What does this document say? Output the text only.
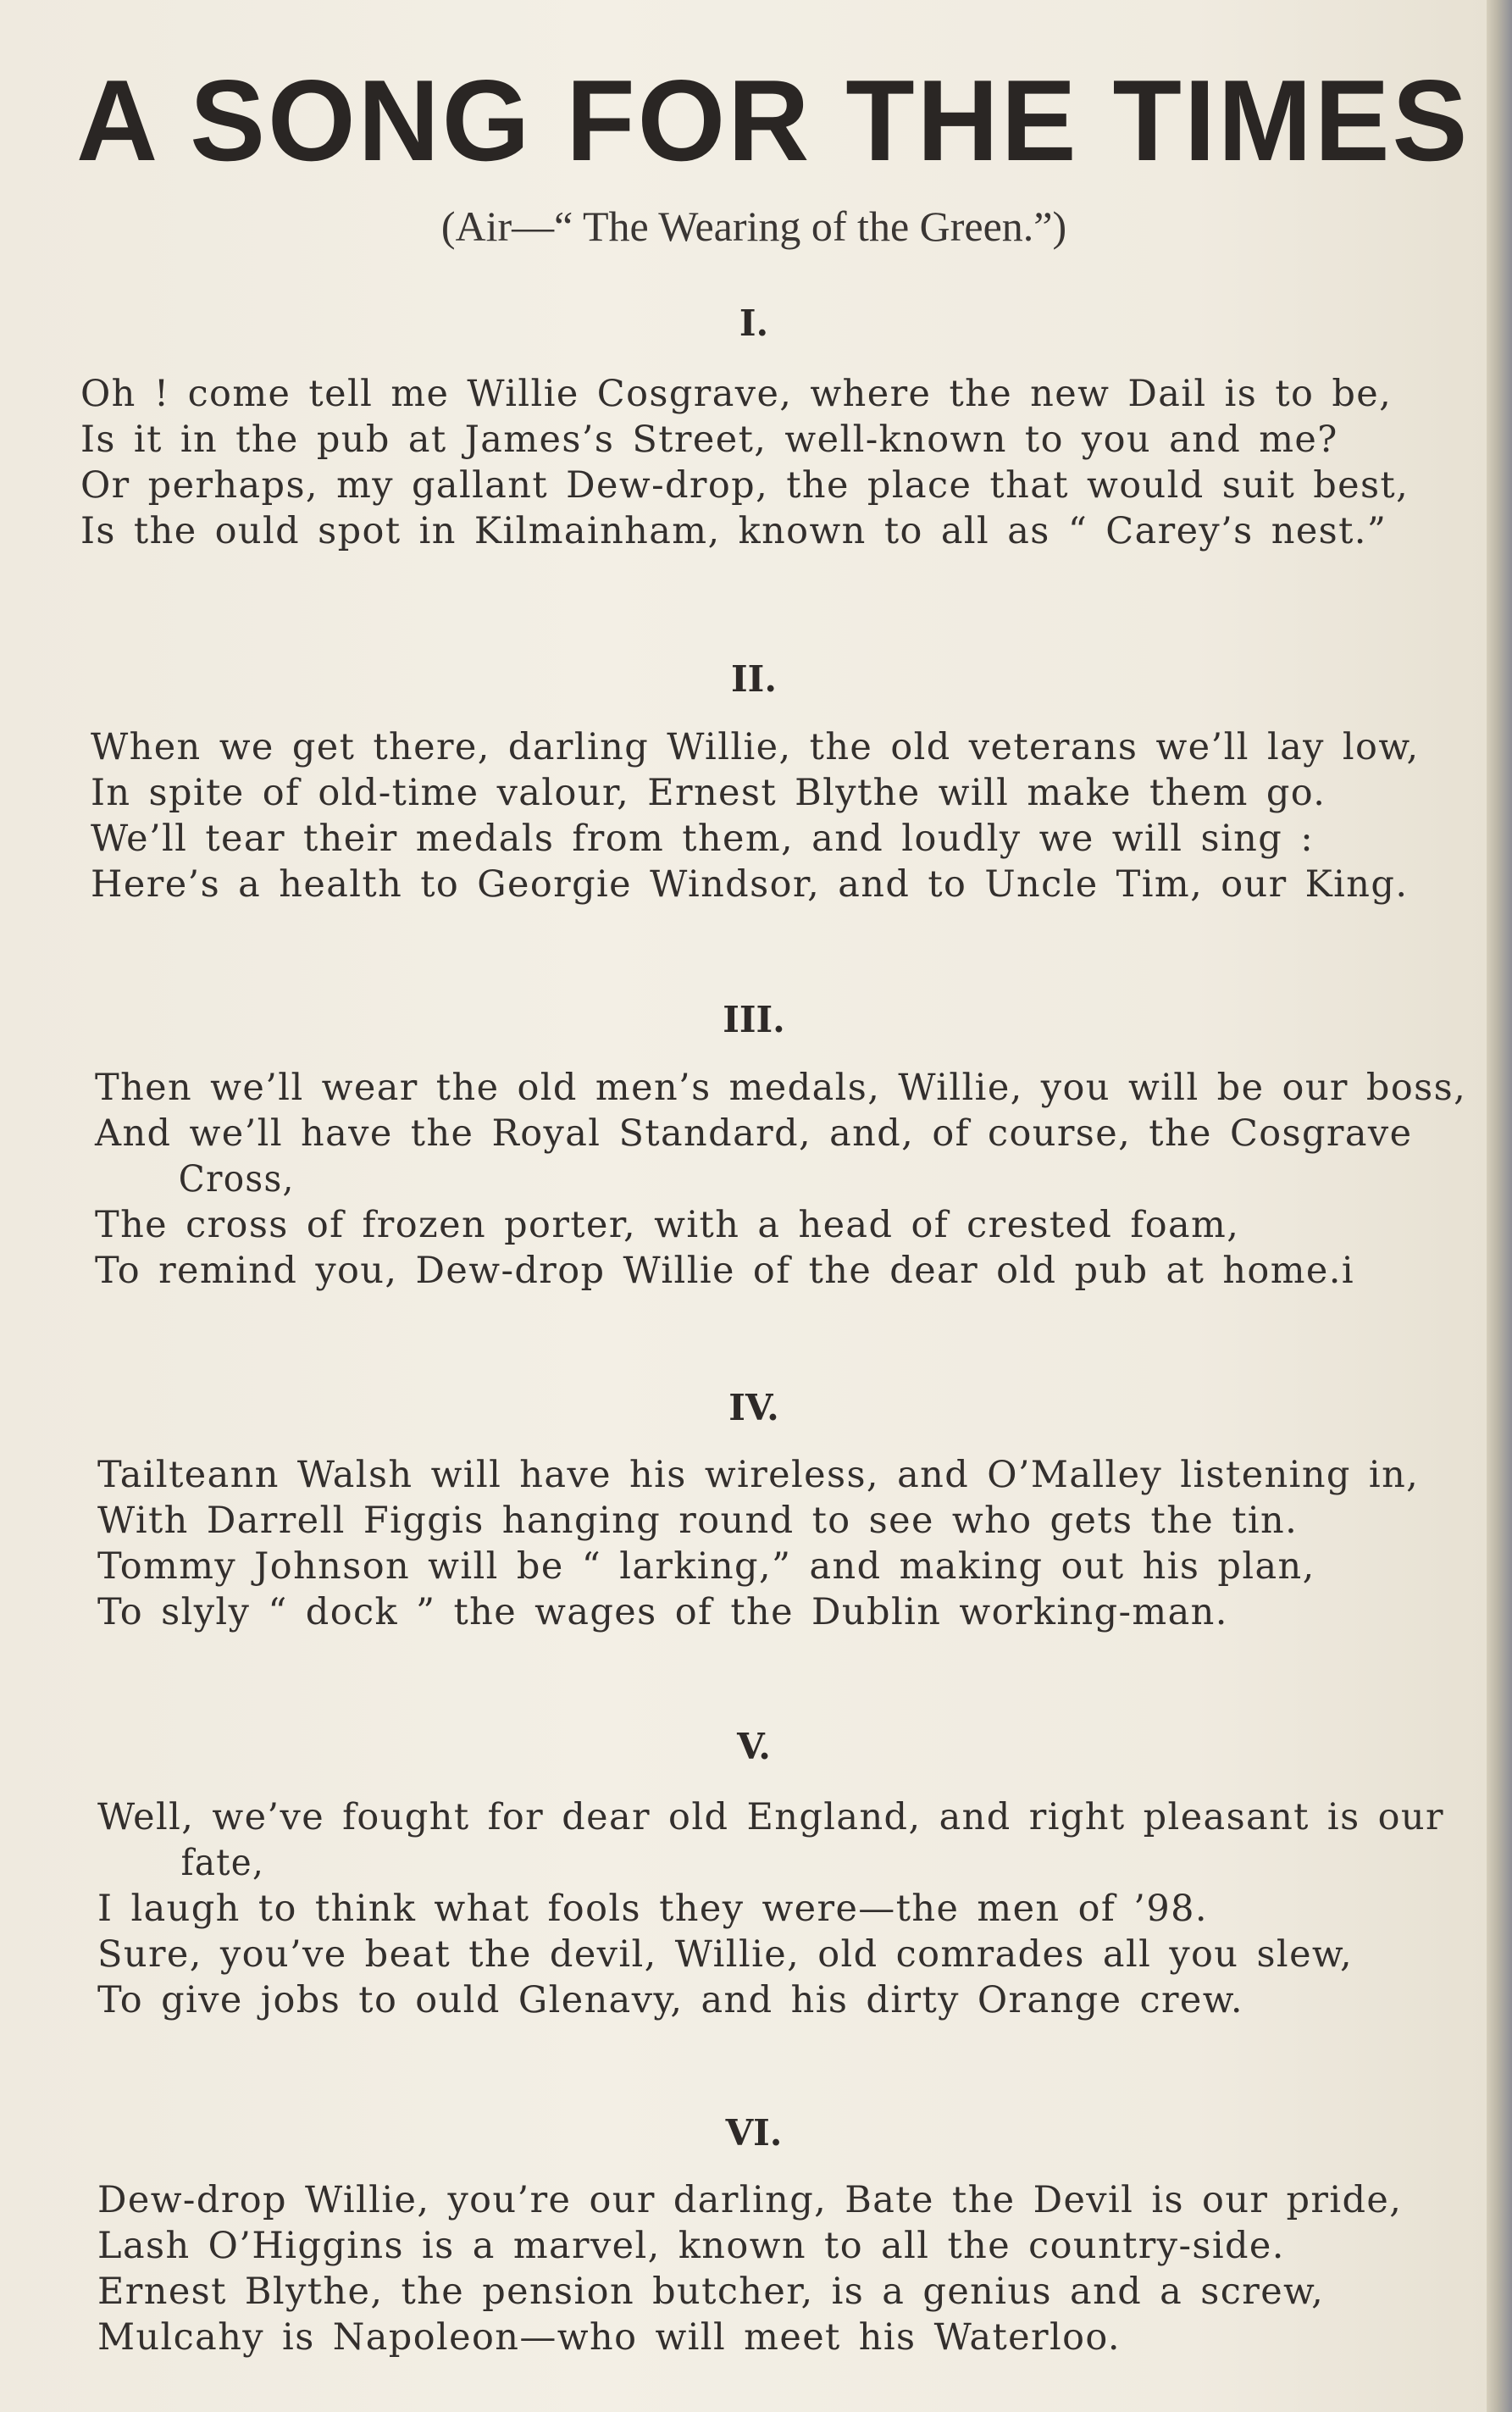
A SONG FOR THE TIMES
(Air—“ The Wearing of the Green.”)
I.
Oh ! come tell me Willie Cosgrave, where the new Dail is to be,
Is it in the pub at James’s Street, well-known to you and me?
Or perhaps, my gallant Dew-drop, the place that would suit best,
Is the ould spot in Kilmainham, known to all as “ Carey’s nest.”
II.
When we get there, darling Willie, the old veterans we’ll lay low,
In spite of old-time valour, Ernest Blythe will make them go.
We’ll tear their medals from them, and loudly we will sing :
Here’s a health to Georgie Windsor, and to Uncle Tim, our King.
III.
Then we’ll wear the old men’s medals, Willie, you will be our boss,
And we’ll have the Royal Standard, and, of course, the Cosgrave
Cross,
The cross of frozen porter, with a head of crested foam,
To remind you, Dew-drop Willie of the dear old pub at home.i
IV.
Tailteann Walsh will have his wireless, and O’Malley listening in,
With Darrell Figgis hanging round to see who gets the tin.
Tommy Johnson will be “ larking,” and making out his plan,
To slyly “ dock ” the wages of the Dublin working-man.
V.
Well, we’ve fought for dear old England, and right pleasant is our
fate,
I laugh to think what fools they were—the men of ’98.
Sure, you’ve beat the devil, Willie, old comrades all you slew,
To give jobs to ould Glenavy, and his dirty Orange crew.
VI.
Dew-drop Willie, you’re our darling, Bate the Devil is our pride,
Lash O’Higgins is a marvel, known to all the country-side.
Ernest Blythe, the pension butcher, is a genius and a screw,
Mulcahy is Napoleon—who will meet his Waterloo.
